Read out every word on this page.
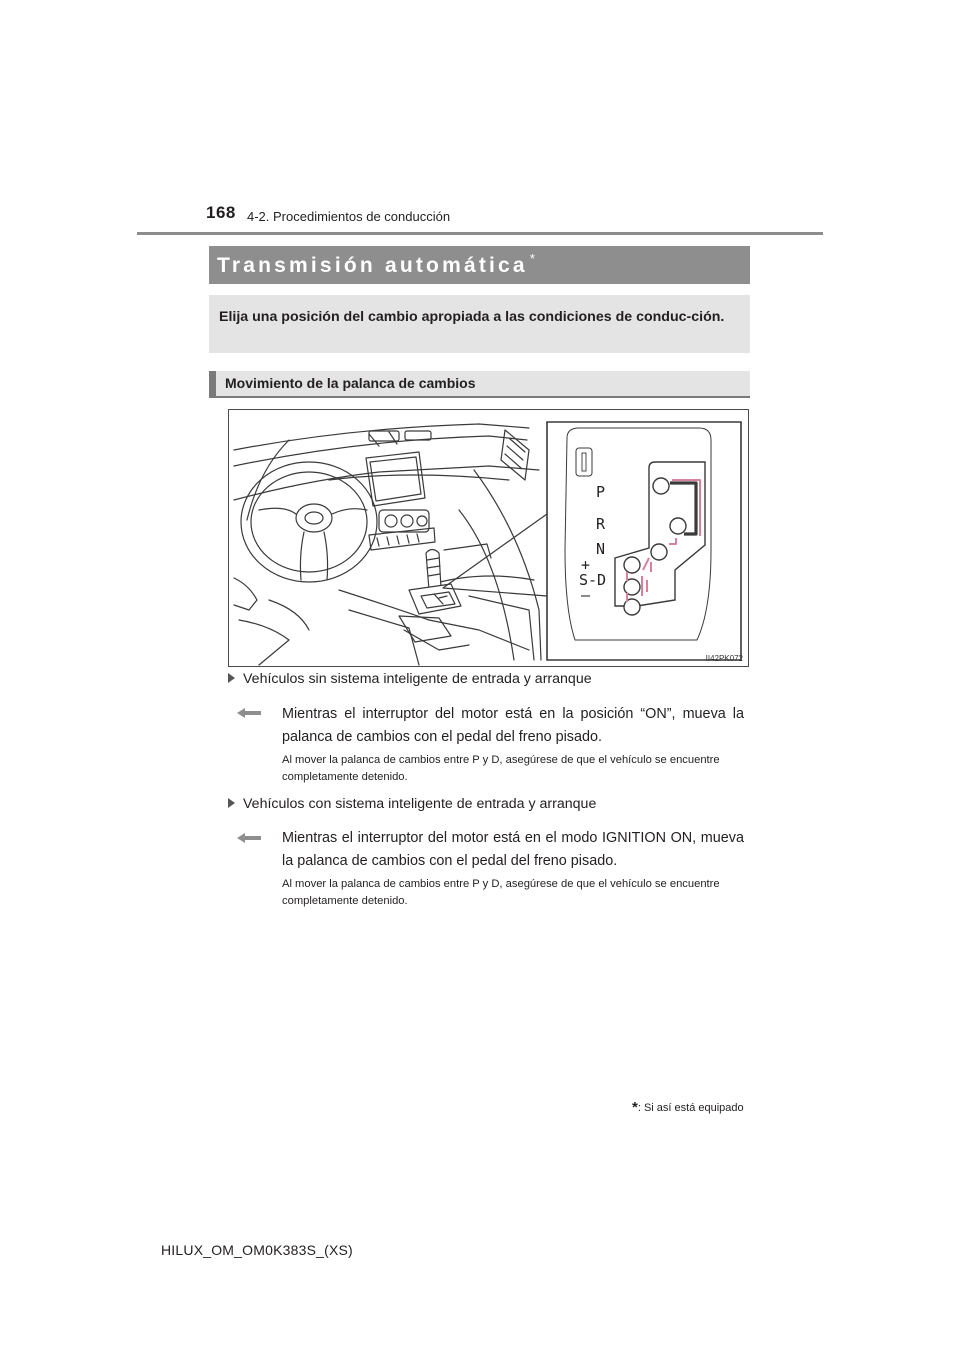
168 4-2. Procedimientos de conducción
Transmisión automática *
Elija una posición del cambio apropiada a las condiciones de conduc-ción.
Movimiento de la palanca de cambios
P
R
N
+
S-D
–
II42PK072
Vehículos sin sistema inteligente de entrada y arranque
Mientras el interruptor del motor está en la posición “ON”, mueva la palanca de cambios con el pedal del freno pisado.
Al mover la palanca de cambios entre P y D, asegúrese de que el vehículo se encuentre completamente detenido.
Vehículos con sistema inteligente de entrada y arranque
Mientras el interruptor del motor está en el modo IGNITION ON, mueva la palanca de cambios con el pedal del freno pisado.
Al mover la palanca de cambios entre P y D, asegúrese de que el vehículo se encuentre completamente detenido.
*: Si así está equipado
HILUX_OM_OM0K383S_(XS)
